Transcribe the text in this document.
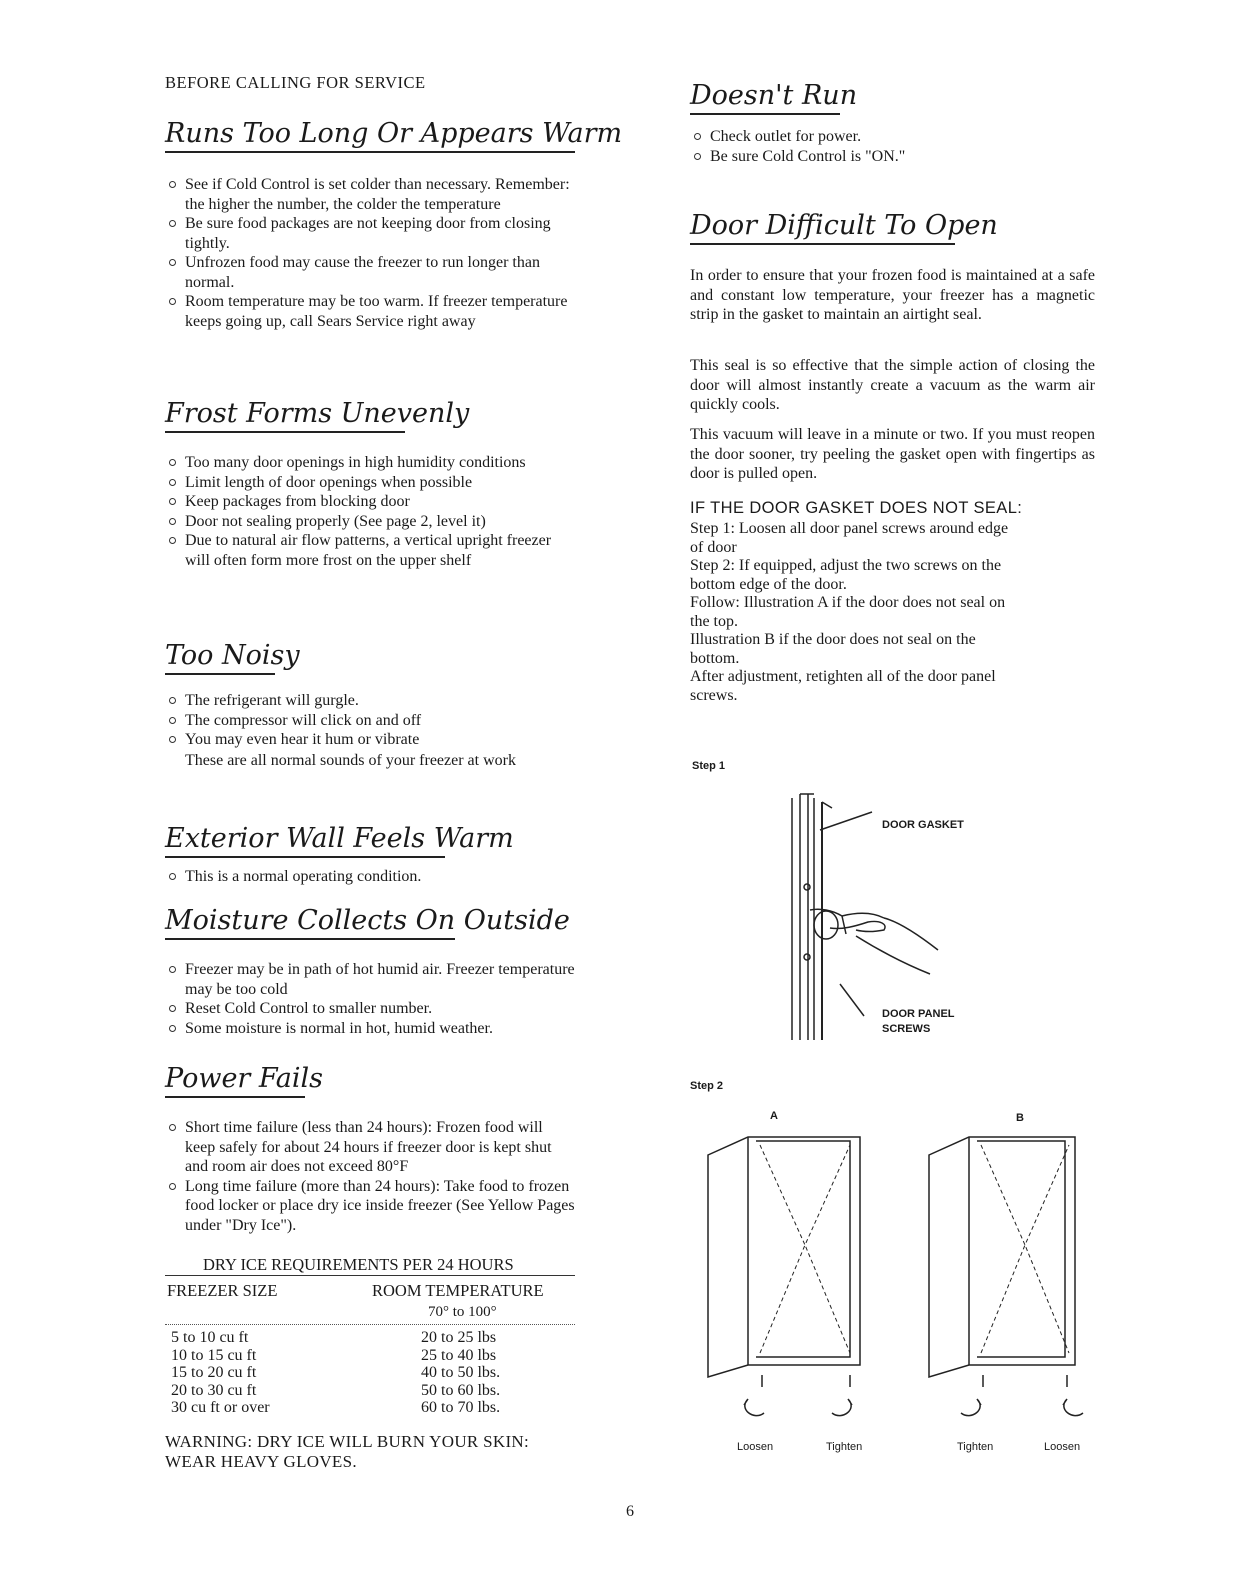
BEFORE CALLING FOR SERVICE
Runs Too Long Or Appears Warm
See if Cold Control is set colder than necessary. Remember: the higher the number, the colder the temperature
Be sure food packages are not keeping door from closing tightly.
Unfrozen food may cause the freezer to run longer than normal.
Room temperature may be too warm. If freezer temperature keeps going up, call Sears Service right away
Frost Forms Unevenly
Too many door openings in high humidity conditions
Limit length of door openings when possible
Keep packages from blocking door
Door not sealing properly (See page 2, level it)
Due to natural air flow patterns, a vertical upright freezer will often form more frost on the upper shelf
Too Noisy
The refrigerant will gurgle.
The compressor will click on and off
You may even hear it hum or vibrate
These are all normal sounds of your freezer at work
Exterior Wall Feels Warm
This is a normal operating condition.
Moisture Collects On Outside
Freezer may be in path of hot humid air. Freezer temperature may be too cold
Reset Cold Control to smaller number.
Some moisture is normal in hot, humid weather.
Power Fails
Short time failure (less than 24 hours): Frozen food will keep safely for about 24 hours if freezer door is kept shut and room air does not exceed 80°F
Long time failure (more than 24 hours): Take food to frozen food locker or place dry ice inside freezer (See Yellow Pages under "Dry Ice").
DRY ICE REQUIREMENTS PER 24 HOURS
FREEZER SIZE	ROOM TEMPERATURE
70° to 100°
5 to 10 cu ft	20 to 25 lbs
10 to 15 cu ft	25 to 40 lbs
15 to 20 cu ft	40 to 50 lbs.
20 to 30 cu ft	50 to 60 lbs.
30 cu ft or over	60 to 70 lbs.
WARNING: DRY ICE WILL BURN YOUR SKIN:
WEAR HEAVY GLOVES.
Doesn't Run
Check outlet for power.
Be sure Cold Control is "ON."
Door Difficult To Open
In order to ensure that your frozen food is maintained at a safe and constant low temperature, your freezer has a magnetic strip in the gasket to maintain an airtight seal.
This seal is so effective that the simple action of closing the door will almost instantly create a vacuum as the warm air quickly cools.
This vacuum will leave in a minute or two. If you must reopen the door sooner, try peeling the gasket open with fingertips as door is pulled open.
IF THE DOOR GASKET DOES NOT SEAL:
Step 1: Loosen all door panel screws around edge
of door
Step 2: If equipped, adjust the two screws on the
bottom edge of the door.
Follow: Illustration A if the door does not seal on
the top.
Illustration B if the door does not seal on the
bottom.
After adjustment, retighten all of the door panel
screws.
Step 1
DOOR GASKET
DOOR PANEL
SCREWS
Step 2
A	B
Loosen	Tighten	Tighten	Loosen
6
